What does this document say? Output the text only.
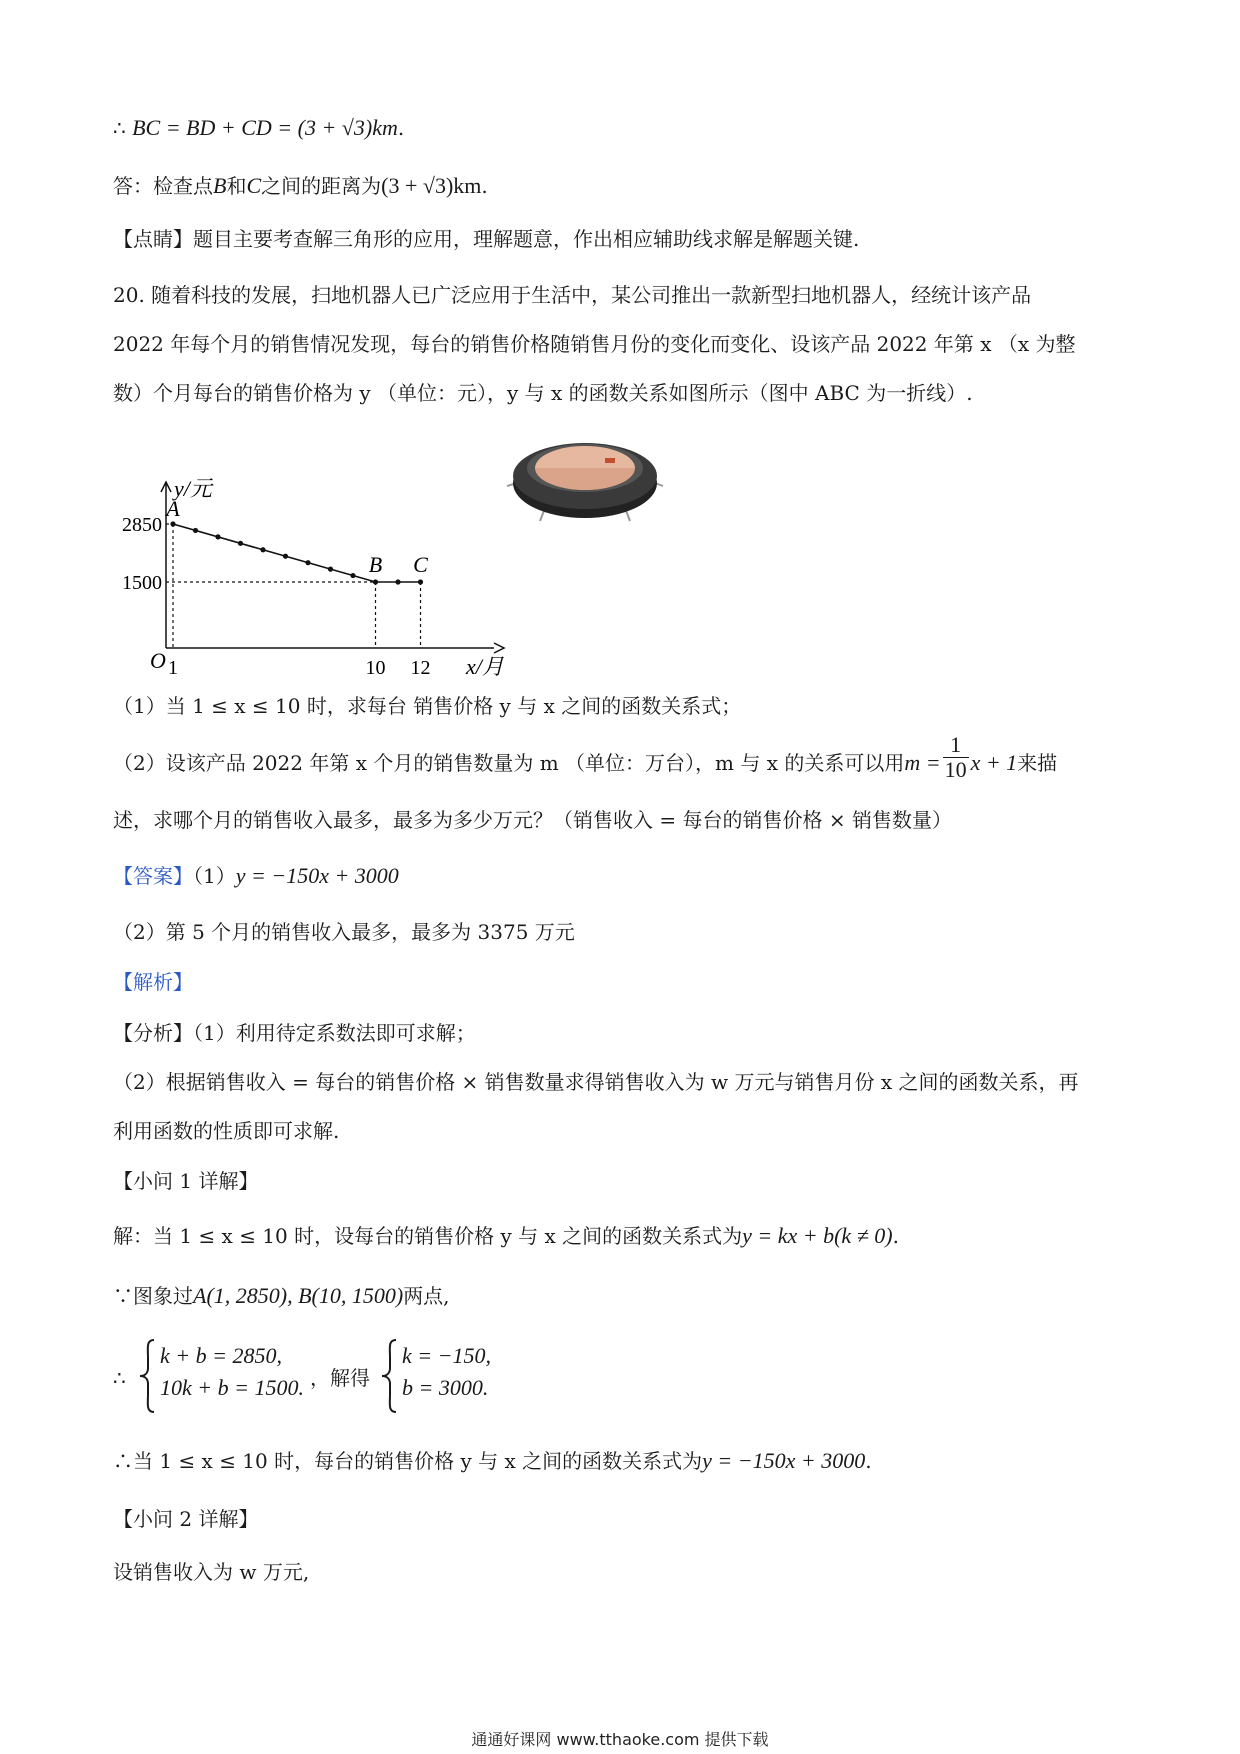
∴ BC = BD + CD = (3 + √3)km.
答：检查点B和C之间的距离为(3 + √3)km.
【点睛】题目主要考查解三角形的应用，理解题意，作出相应辅助线求解是解题关键.
20. 随着科技的发展，扫地机器人已广泛应用于生活中，某公司推出一款新型扫地机器人，经统计该产品
2022 年每个月的销售情况发现，每台的销售价格随销售月份的变化而变化、设该产品 2022 年第 x （x 为整
数）个月每台的销售价格为 y （单位：元），y 与 x 的函数关系如图所示（图中 ABC 为一折线）.
y/元
x/月
O
2850
1500
1	10 12
A
B C
（1）当 1 ≤ x ≤ 10 时，求每台 销售价格 y 与 x 之间的函数关系式；
（2）设该产品 2022 年第 x 个月的销售数量为 m （单位：万台），m 与 x 的关系可以用$m = \frac{1}{10}$ x + 1来描
述，求哪个月的销售收入最多，最多为多少万元？（销售收入 = 每台的销售价格 × 销售数量）
【答案】（1）y = −150x + 3000
（2）第 5 个月的销售收入最多，最多为 3375 万元
【解析】
【分析】（1）利用待定系数法即可求解；
（2）根据销售收入 = 每台的销售价格 × 销售数量求得销售收入为 w 万元与销售月份 x 之间的函数关系，再
利用函数的性质即可求解.
【小问 1 详解】
解：当 1 ≤ x ≤ 10 时，设每台的销售价格 y 与 x 之间的函数关系式为y = kx + b(k ≠ 0).
∵图象过A(1, 2850), B(10, 1500)两点,
∴
k + b = 2850,
10k + b = 1500. ，解得
k = −150,
b = 3000.
∴当 1 ≤ x ≤ 10 时，每台的销售价格 y 与 x 之间的函数关系式为y = −150x + 3000.
【小问 2 详解】
设销售收入为 w 万元,
通通好课网 www.tthaoke.com 提供下载
